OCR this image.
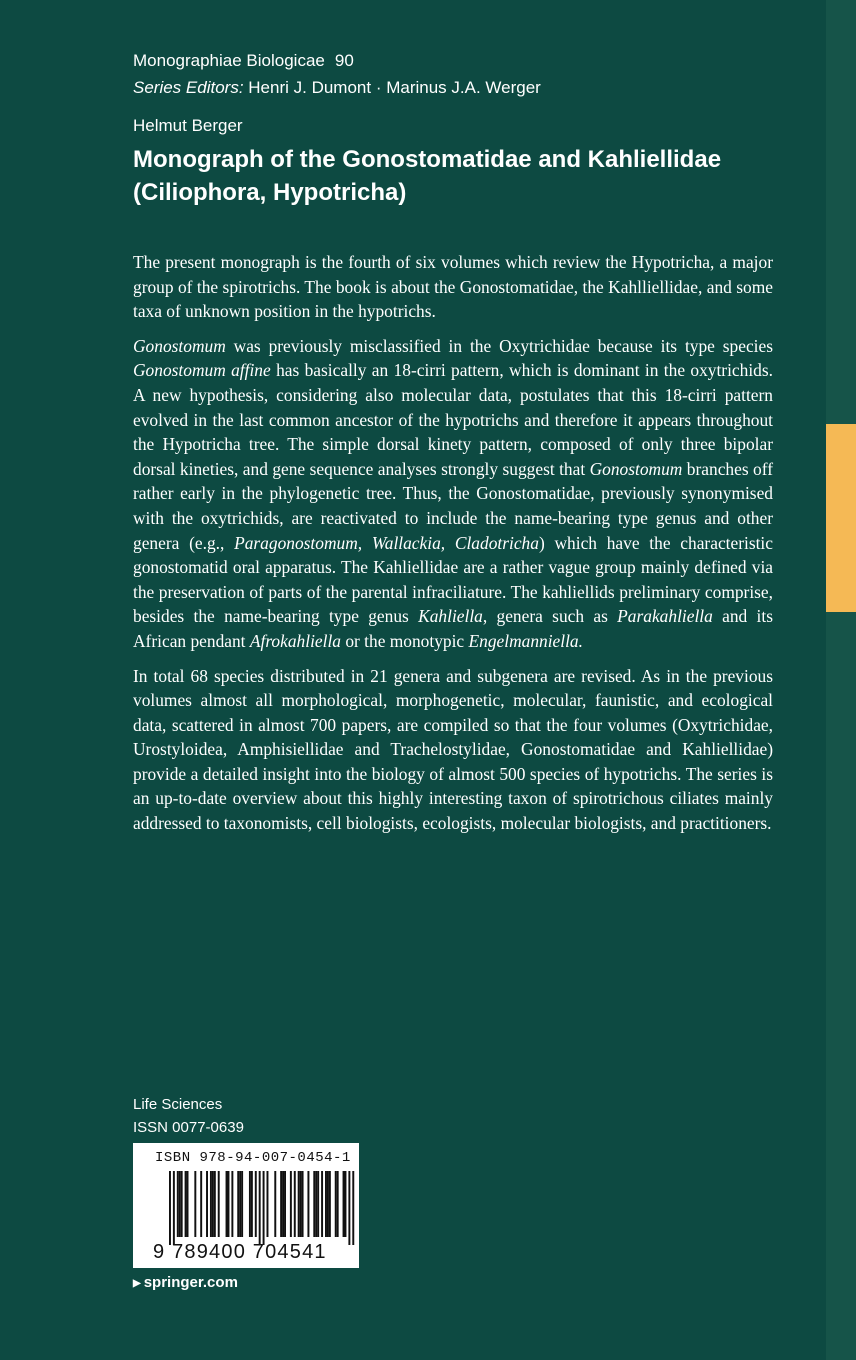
Monographiae Biologicae 90
Series Editors: Henri J. Dumont · Marinus J.A. Werger
Helmut Berger
Monograph of the Gonostomatidae and Kahliellidae (Ciliophora, Hypotricha)

The present monograph is the fourth of six volumes which review the Hypotricha, a major group of the spirotrichs. The book is about the Gonostomatidae, the Kahlliellidae, and some taxa of unknown position in the hypotrichs.

Gonostomum was previously misclassified in the Oxytrichidae because its type species Gonostomum affine has basically an 18-cirri pattern, which is dominant in the oxytrichids. A new hypothesis, considering also molecular data, postulates that this 18-cirri pattern evolved in the last common ancestor of the hypotrichs and therefore it appears throughout the Hypotricha tree. The simple dorsal kinety pattern, composed of only three bipolar dorsal kineties, and gene sequence analyses strongly suggest that Gonostomum branches off rather early in the phylogenetic tree. Thus, the Gonostomatidae, previously synonymised with the oxytrichids, are reactivated to include the name-bearing type genus and other genera (e.g., Paragonostomum, Wallackia, Cladotricha) which have the characteristic gonostomatid oral apparatus. The Kahliellidae are a rather vague group mainly defined via the preservation of parts of the parental infraciliature. The kahliellids preliminary comprise, besides the name-bearing type genus Kahliella, genera such as Parakahliella and its African pendant Afrokahliella or the monotypic Engelmanniella.

In total 68 species distributed in 21 genera and subgenera are revised. As in the previous volumes almost all morphological, morphogenetic, molecular, faunistic, and ecological data, scattered in almost 700 papers, are compiled so that the four volumes (Oxytrichidae, Urostyloidea, Amphisiellidae and Trachelostylidae, Gonostomatidae and Kahliellidae) provide a detailed insight into the biology of almost 500 species of hypotrichs. The series is an up-to-date overview about this highly interesting taxon of spirotrichous ciliates mainly addressed to taxonomists, cell biologists, ecologists, molecular biologists, and practitioners.

Life Sciences
ISSN 0077-0639
ISBN 978-94-007-0454-1
9 789400 704541
▶ springer.com
